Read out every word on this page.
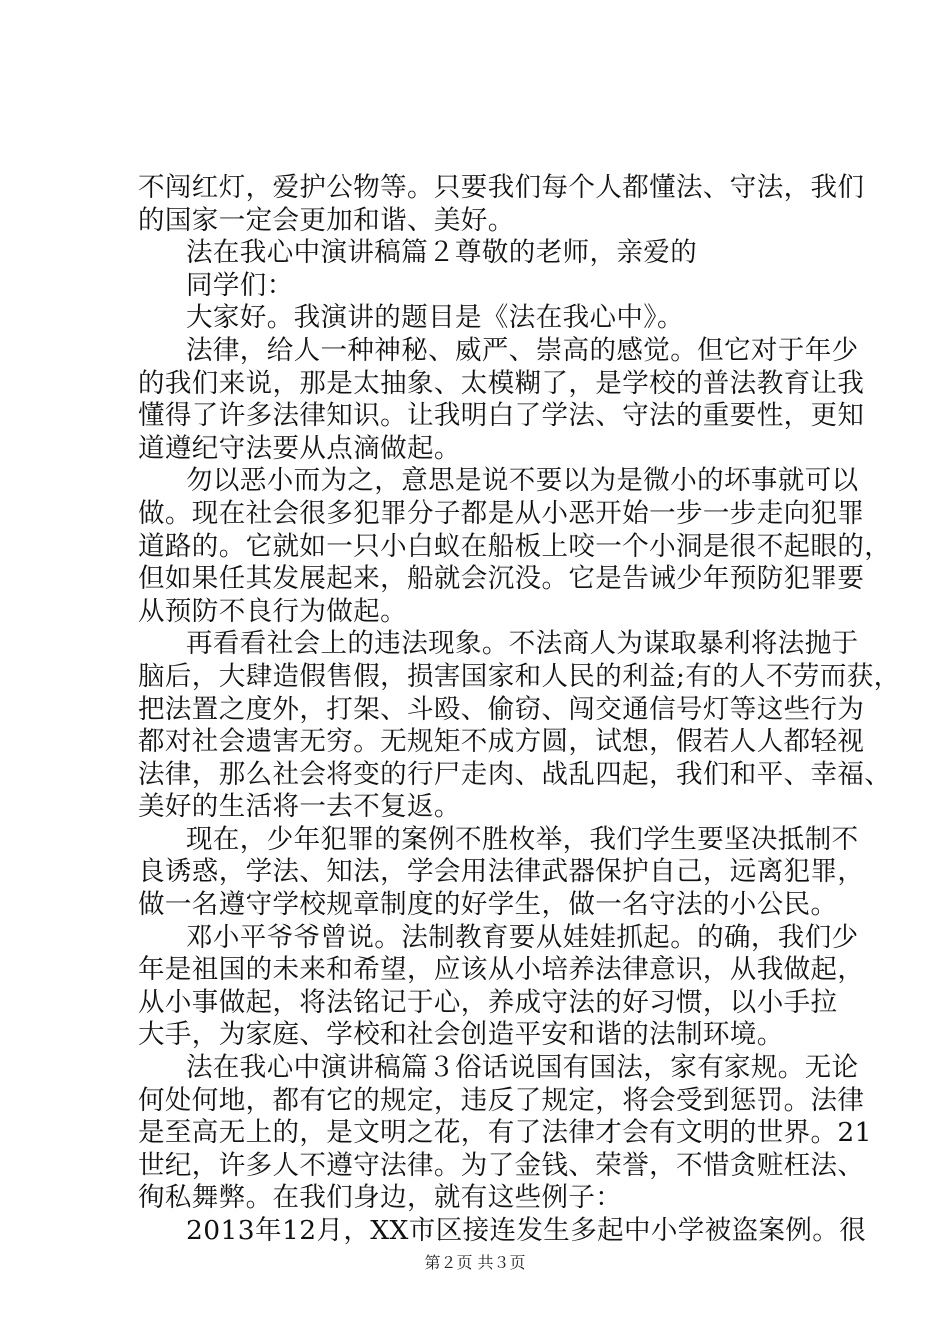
不闯红灯，爱护公物等。只要我们每个人都懂法、守法，我们
的国家一定会更加和谐、美好。
法在我心中演讲稿篇２尊敬的老师，亲爱的
同学们：
大家好。我演讲的题目是《法在我心中》。
法律，给人一种神秘、威严、崇高的感觉。但它对于年少
的我们来说，那是太抽象、太模糊了，是学校的普法教育让我
懂得了许多法律知识。让我明白了学法、守法的重要性，更知
道遵纪守法要从点滴做起。
勿以恶小而为之，意思是说不要以为是微小的坏事就可以
做。现在社会很多犯罪分子都是从小恶开始一步一步走向犯罪
道路的。它就如一只小白蚁在船板上咬一个小洞是很不起眼的，
但如果任其发展起来，船就会沉没。它是告诫少年预防犯罪要
从预防不良行为做起。
再看看社会上的违法现象。不法商人为谋取暴利将法抛于
脑后，大肆造假售假，损害国家和人民的利益;有的人不劳而获，
把法置之度外，打架、斗殴、偷窃、闯交通信号灯等这些行为
都对社会遗害无穷。无规矩不成方圆，试想，假若人人都轻视
法律，那么社会将变的行尸走肉、战乱四起，我们和平、幸福、
美好的生活将一去不复返。
现在，少年犯罪的案例不胜枚举，我们学生要坚决抵制不
良诱惑，学法、知法，学会用法律武器保护自己，远离犯罪，
做一名遵守学校规章制度的好学生，做一名守法的小公民。
邓小平爷爷曾说。法制教育要从娃娃抓起。的确，我们少
年是祖国的未来和希望，应该从小培养法律意识，从我做起，
从小事做起，将法铭记于心，养成守法的好习惯，以小手拉
大手，为家庭、学校和社会创造平安和谐的法制环境。
法在我心中演讲稿篇３俗话说国有国法，家有家规。无论
何处何地，都有它的规定，违反了规定，将会受到惩罚。法律
是至高无上的，是文明之花，有了法律才会有文明的世界。21
世纪，许多人不遵守法律。为了金钱、荣誉，不惜贪赃枉法、
徇私舞弊。在我们身边，就有这些例子：
2013年12月，XX市区接连发生多起中小学被盗案例。很
第２页 共３页
